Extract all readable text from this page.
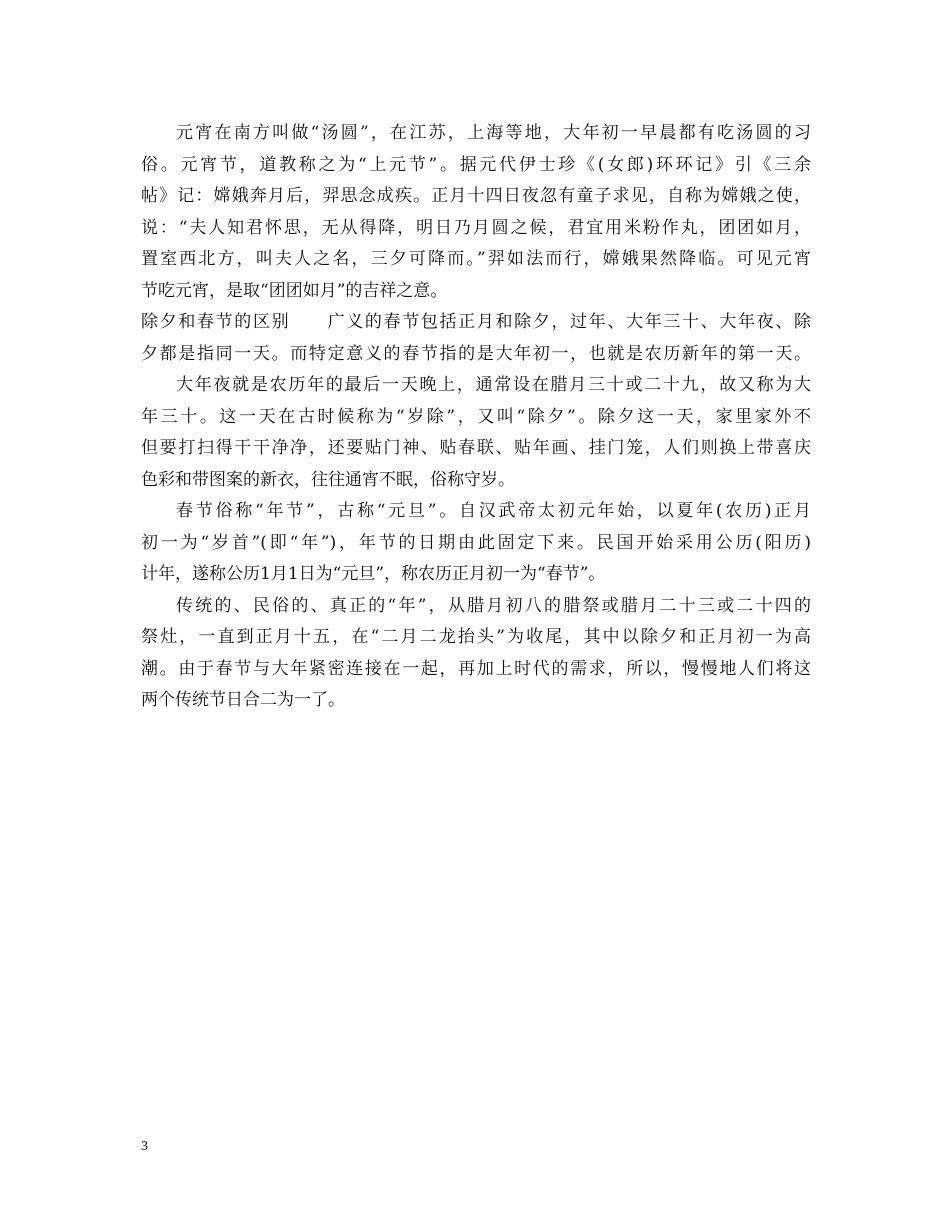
元宵在南方叫做“汤圆”，在江苏，上海等地，大年初一早晨都有吃汤圆的习
俗。元宵节，道教称之为“上元节”。据元代伊士珍《(女郎)环环记》引《三余
帖》记：嫦娥奔月后，羿思念成疾。正月十四日夜忽有童子求见，自称为嫦娥之使，
说：“夫人知君怀思，无从得降，明日乃月圆之候，君宜用米粉作丸，团团如月，
置室西北方，叫夫人之名，三夕可降而。”羿如法而行，嫦娥果然降临。可见元宵
节吃元宵，是取“团团如月”的吉祥之意。
除夕和春节的区别　　广义的春节包括正月和除夕，过年、大年三十、大年夜、除
夕都是指同一天。而特定意义的春节指的是大年初一，也就是农历新年的第一天。
大年夜就是农历年的最后一天晚上，通常设在腊月三十或二十九，故又称为大
年三十。这一天在古时候称为“岁除”，又叫“除夕”。除夕这一天，家里家外不
但要打扫得干干净净，还要贴门神、贴春联、贴年画、挂门笼，人们则换上带喜庆
色彩和带图案的新衣，往往通宵不眠，俗称守岁。
春节俗称“年节”，古称“元旦”。自汉武帝太初元年始，以夏年(农历)正月
初一为“岁首”(即“年”)，年节的日期由此固定下来。民国开始采用公历(阳历)
计年，遂称公历1月1日为“元旦”，称农历正月初一为“春节”。
传统的、民俗的、真正的“年”，从腊月初八的腊祭或腊月二十三或二十四的
祭灶，一直到正月十五，在“二月二龙抬头”为收尾，其中以除夕和正月初一为高
潮。由于春节与大年紧密连接在一起，再加上时代的需求，所以，慢慢地人们将这
两个传统节日合二为一了。
3
